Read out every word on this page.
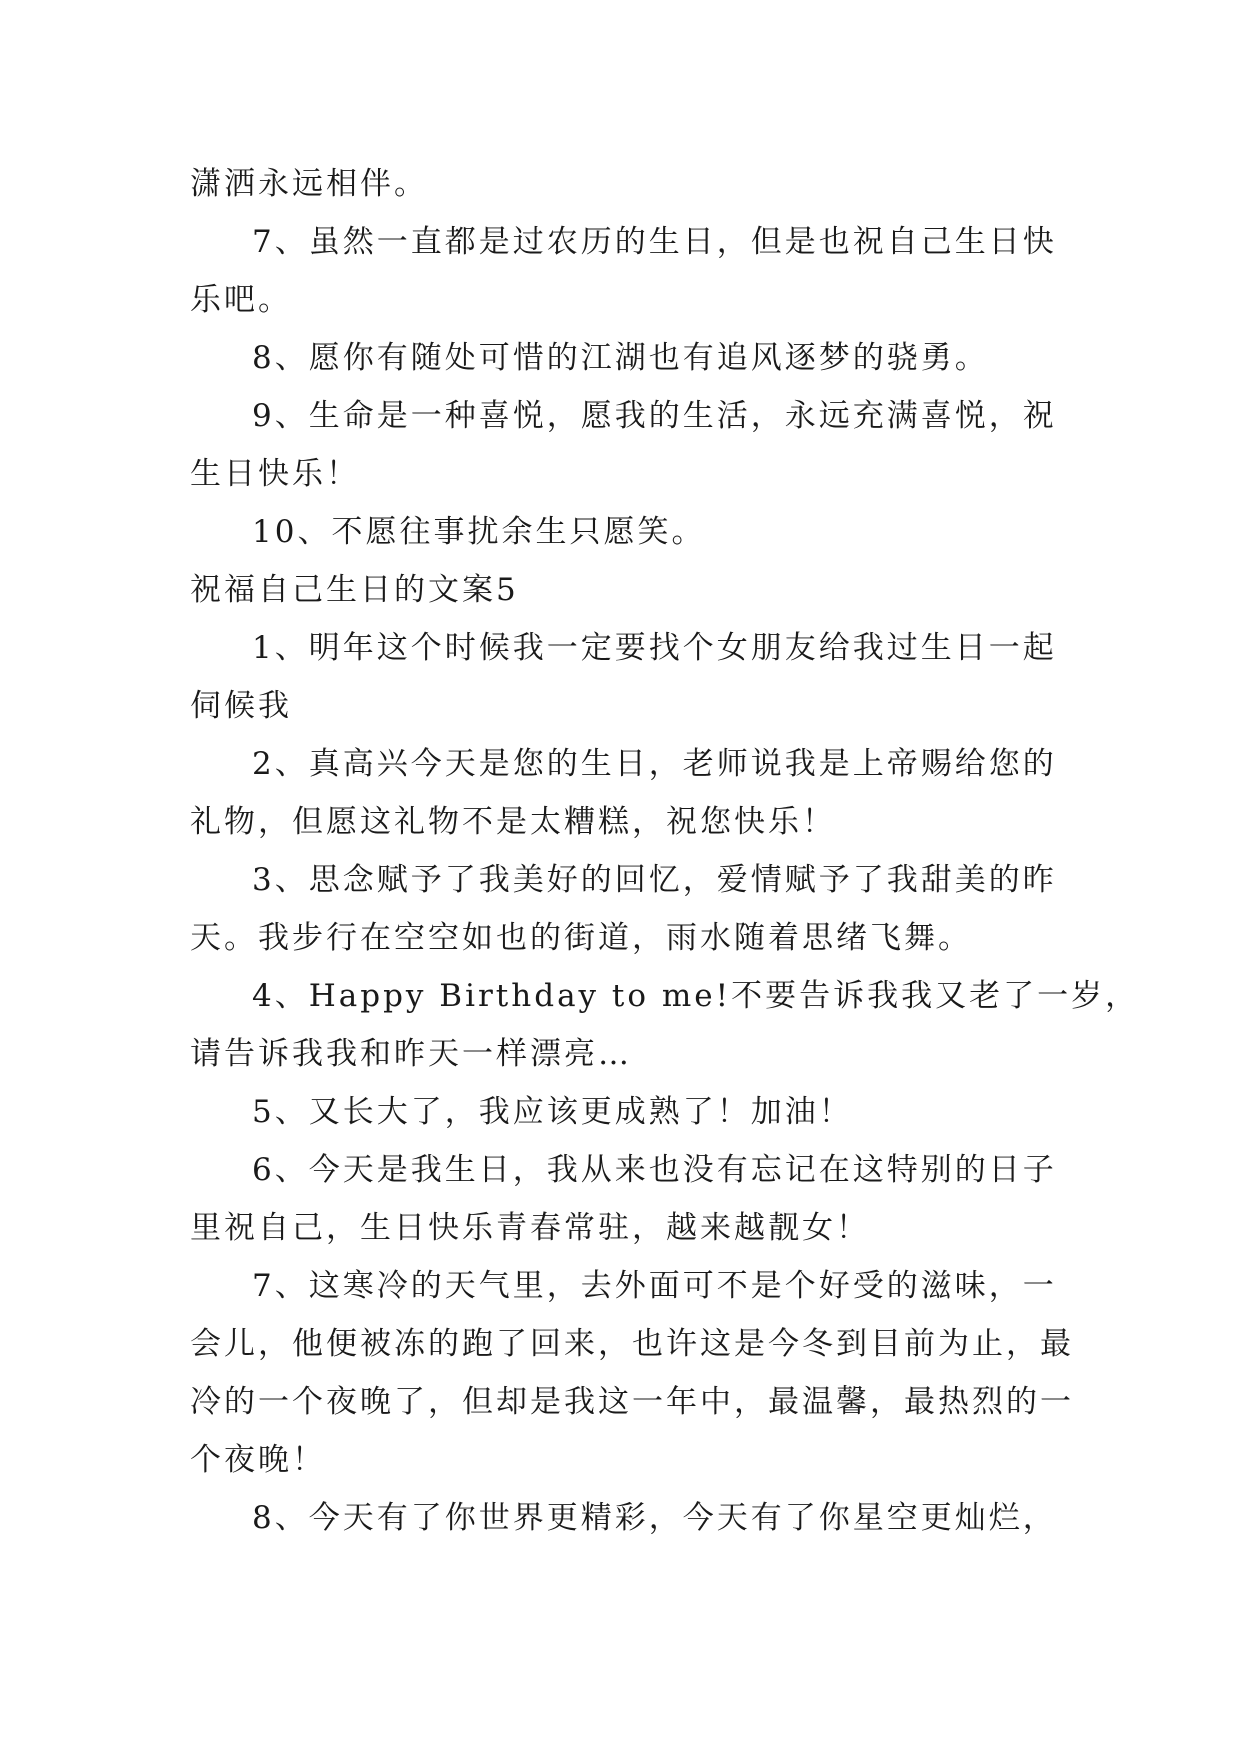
潇洒永远相伴。
7、虽然一直都是过农历的生日，但是也祝自己生日快
乐吧。
8、愿你有随处可惜的江湖也有追风逐梦的骁勇。
9、生命是一种喜悦，愿我的生活，永远充满喜悦，祝
生日快乐！
10、不愿往事扰余生只愿笑。
祝福自己生日的文案5
1、明年这个时候我一定要找个女朋友给我过生日一起
伺候我
2、真高兴今天是您的生日，老师说我是上帝赐给您的
礼物，但愿这礼物不是太糟糕，祝您快乐！
3、思念赋予了我美好的回忆，爱情赋予了我甜美的昨
天。我步行在空空如也的街道，雨水随着思绪飞舞。
4、Happy Birthday to me!不要告诉我我又老了一岁，
请告诉我我和昨天一样漂亮…
5、又长大了，我应该更成熟了！加油！
6、今天是我生日，我从来也没有忘记在这特别的日子
里祝自己，生日快乐青春常驻，越来越靓女！
7、这寒冷的天气里，去外面可不是个好受的滋味，一
会儿，他便被冻的跑了回来，也许这是今冬到目前为止，最
冷的一个夜晚了，但却是我这一年中，最温馨，最热烈的一
个夜晚！
8、今天有了你世界更精彩，今天有了你星空更灿烂，
